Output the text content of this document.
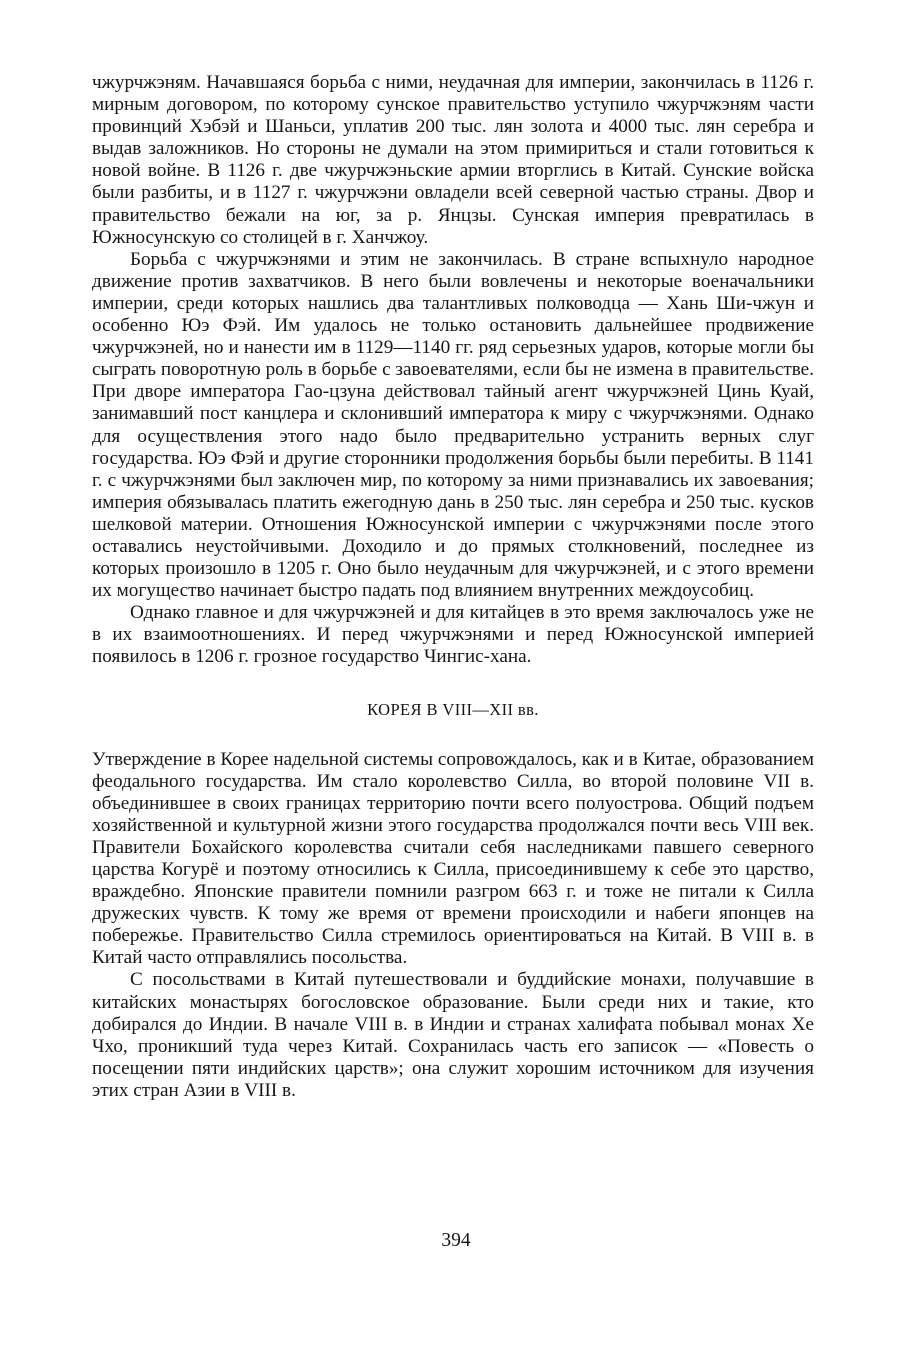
чжурчжэням. Начавшаяся борьба с ними, неудачная для империи, закончилась в 1126 г. мирным договором, по которому сунское правительство уступило чжурчжэням части провинций Хэбэй и Шаньси, уплатив 200 тыс. лян золота и 4000 тыс. лян серебра и выдав заложников. Но стороны не думали на этом примириться и стали готовиться к новой войне. В 1126 г. две чжурчжэньские армии вторглись в Китай. Сунские войска были разбиты, и в 1127 г. чжурчжэни овладели всей северной частью страны. Двор и правительство бежали на юг, за р. Янцзы. Сунская империя превратилась в Южносунскую со столицей в г. Ханчжоу.

Борьба с чжурчжэнями и этим не закончилась. В стране вспыхнуло народное движение против захватчиков. В него были вовлечены и некоторые военачальники империи, среди которых нашлись два талантливых полководца — Хань Ши-чжун и особенно Юэ Фэй. Им удалось не только остановить дальнейшее продвижение чжурчжэней, но и нанести им в 1129—1140 гг. ряд серьезных ударов, которые могли бы сыграть поворотную роль в борьбе с завоевателями, если бы не измена в правительстве. При дворе императора Гао-цзуна действовал тайный агент чжурчжэней Цинь Куай, занимавший пост канцлера и склонивший императора к миру с чжурчжэнями. Однако для осуществления этого надо было предварительно устранить верных слуг государства. Юэ Фэй и другие сторонники продолжения борьбы были перебиты. В 1141 г. с чжурчжэнями был заключен мир, по которому за ними признавались их завоевания; империя обязывалась платить ежегодную дань в 250 тыс. лян серебра и 250 тыс. кусков шелковой материи. Отношения Южносунской империи с чжурчжэнями после этого оставались неустойчивыми. Доходило и до прямых столкновений, последнее из которых произошло в 1205 г. Оно было неудачным для чжурчжэней, и с этого времени их могущество начинает быстро падать под влиянием внутренних междоусобиц.

Однако главное и для чжурчжэней и для китайцев в это время заключалось уже не в их взаимоотношениях. И перед чжурчжэнями и перед Южносунской империей появилось в 1206 г. грозное государство Чингис-хана.

КОРЕЯ В VIII—XII вв.

Утверждение в Корее надельной системы сопровождалось, как и в Китае, образованием феодального государства. Им стало королевство Силла, во второй половине VII в. объединившее в своих границах территорию почти всего полуострова. Общий подъем хозяйственной и культурной жизни этого государства продолжался почти весь VIII век. Правители Бохайского королевства считали себя наследниками павшего северного царства Когурё и поэтому относились к Силла, присоединившему к себе это царство, враждебно. Японские правители помнили разгром 663 г. и тоже не питали к Силла дружеских чувств. К тому же время от времени происходили и набеги японцев на побережье. Правительство Силла стремилось ориентироваться на Китай. В VIII в. в Китай часто отправлялись посольства.

С посольствами в Китай путешествовали и буддийские монахи, получавшие в китайских монастырях богословское образование. Были среди них и такие, кто добирался до Индии. В начале VIII в. в Индии и странах халифата побывал монах Хе Чхо, проникший туда через Китай. Сохранилась часть его записок — «Повесть о посещении пяти индийских царств»; она служит хорошим источником для изучения этих стран Азии в VIII в.

394
